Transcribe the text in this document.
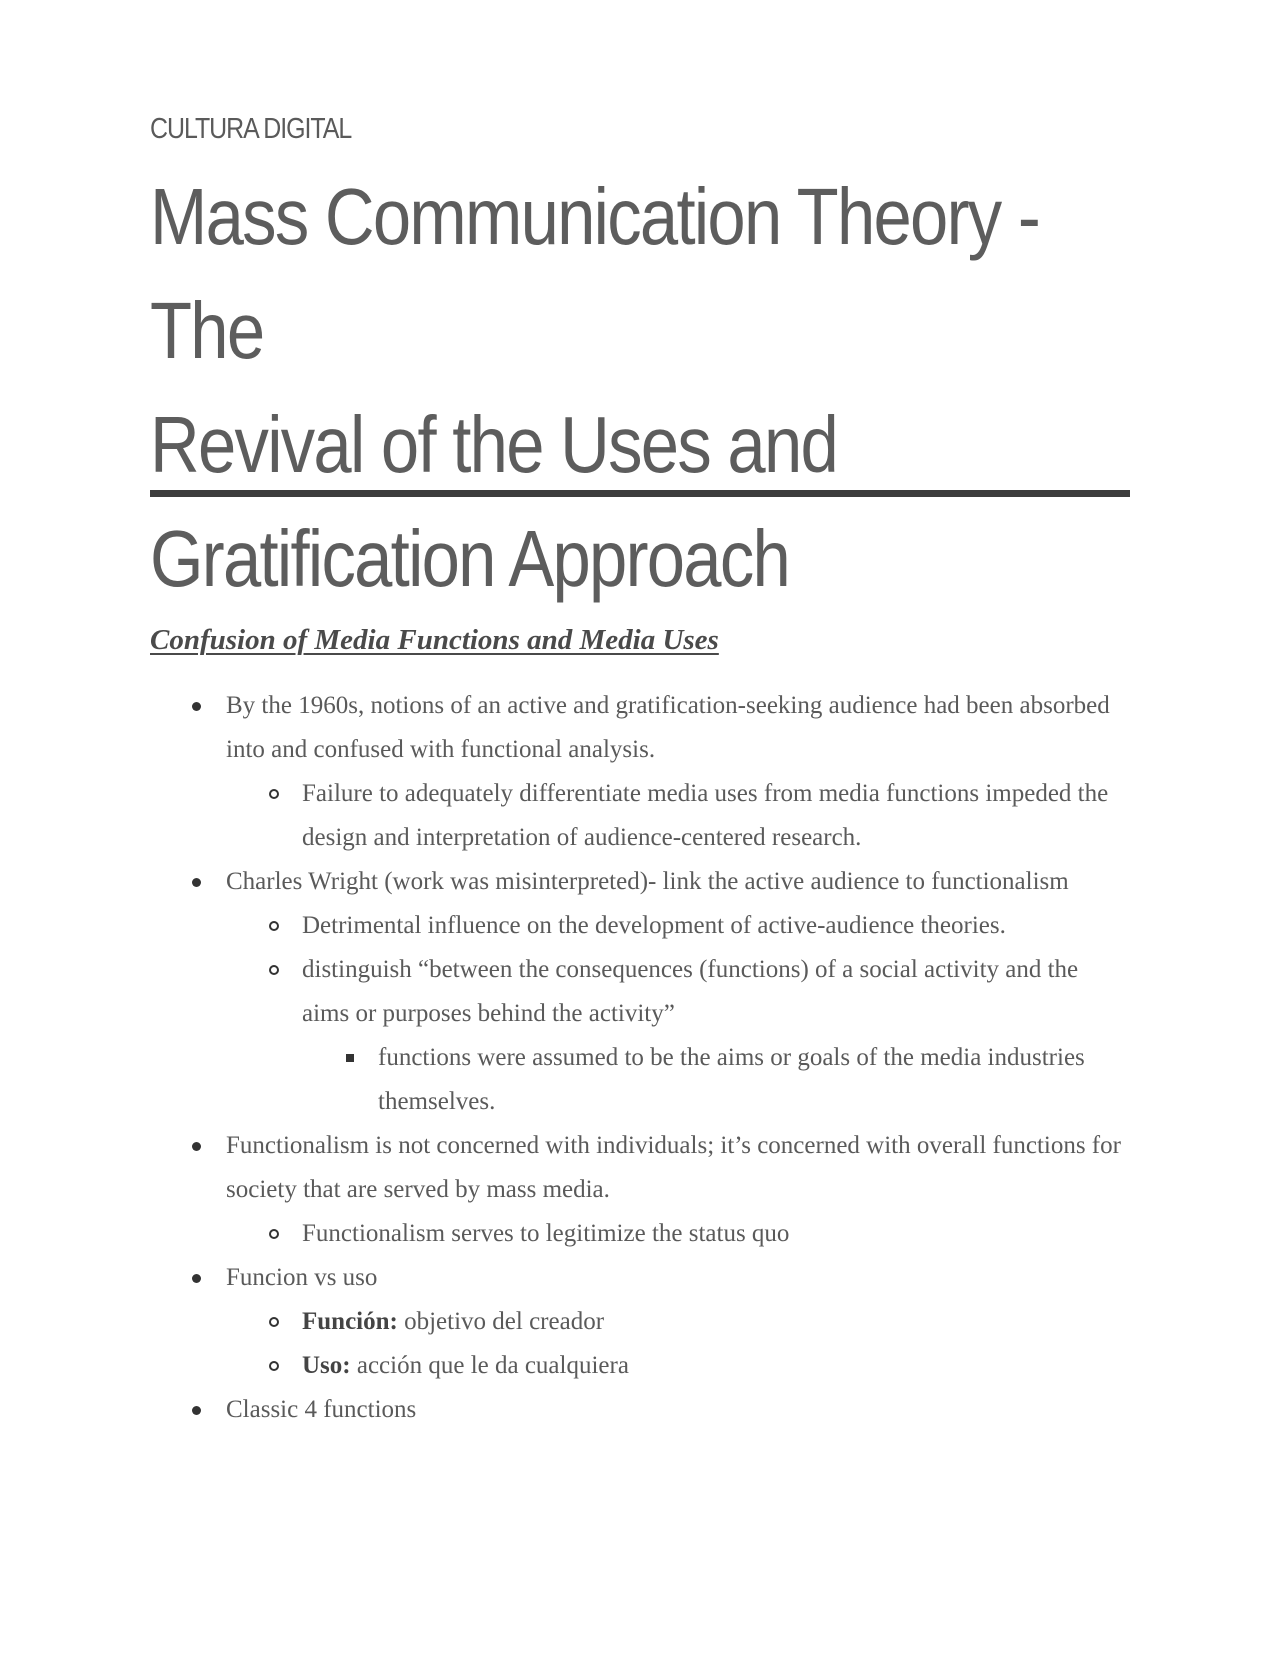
CULTURA DIGITAL
Mass Communication Theory - The
Revival of the Uses and
Gratification Approach
Confusion of Media Functions and Media Uses
By the 1960s, notions of an active and gratification-seeking audience had been absorbed into and confused with functional analysis.
Failure to adequately differentiate media uses from media functions impeded the design and interpretation of audience-centered research.
Charles Wright (work was misinterpreted)- link the active audience to functionalism
Detrimental influence on the development of active-audience theories.
distinguish “between the consequences (functions) of a social activity and the aims or purposes behind the activity”
functions were assumed to be the aims or goals of the media industries themselves.
Functionalism is not concerned with individuals; it’s concerned with overall functions for society that are served by mass media.
Functionalism serves to legitimize the status quo
Funcion vs uso
Función: objetivo del creador
Uso: acción que le da cualquiera
Classic 4 functions
